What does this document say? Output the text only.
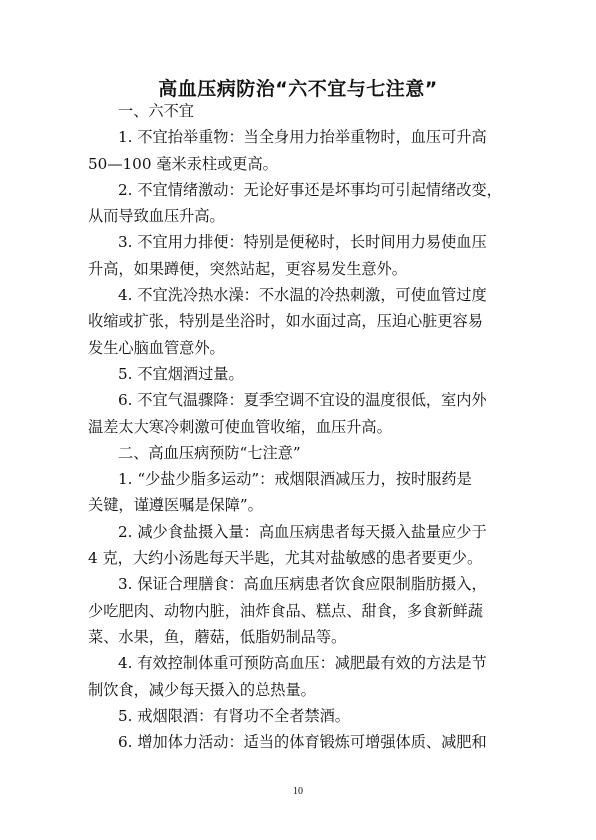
高血压病防治“六不宜与七注意”
一、六不宜
1. 不宜抬举重物：当全身用力抬举重物时，血压可升高
50—100 毫米汞柱或更高。
2. 不宜情绪激动：无论好事还是坏事均可引起情绪改变，
从而导致血压升高。
3. 不宜用力排便：特别是便秘时，长时间用力易使血压
升高，如果蹲便，突然站起，更容易发生意外。
4. 不宜洗冷热水澡：不水温的冷热刺激，可使血管过度
收缩或扩张，特别是坐浴时，如水面过高，压迫心脏更容易
发生心脑血管意外。
5. 不宜烟酒过量。
6. 不宜气温骤降：夏季空调不宜设的温度很低，室内外
温差太大寒冷刺激可使血管收缩，血压升高。
二、高血压病预防“七注意”
1. “少盐少脂多运动”：戒烟限酒减压力，按时服药是
关键，谨遵医嘱是保障”。
2. 减少食盐摄入量：高血压病患者每天摄入盐量应少于
4 克，大约小汤匙每天半匙，尤其对盐敏感的患者要更少。
3. 保证合理膳食：高血压病患者饮食应限制脂肪摄入，
少吃肥肉、动物内脏，油炸食品、糕点、甜食，多食新鲜蔬
菜、水果，鱼，蘑菇，低脂奶制品等。
4. 有效控制体重可预防高血压：减肥最有效的方法是节
制饮食，减少每天摄入的总热量。
5. 戒烟限酒：有肾功不全者禁酒。
6. 增加体力活动：适当的体育锻炼可增强体质、减肥和
10
